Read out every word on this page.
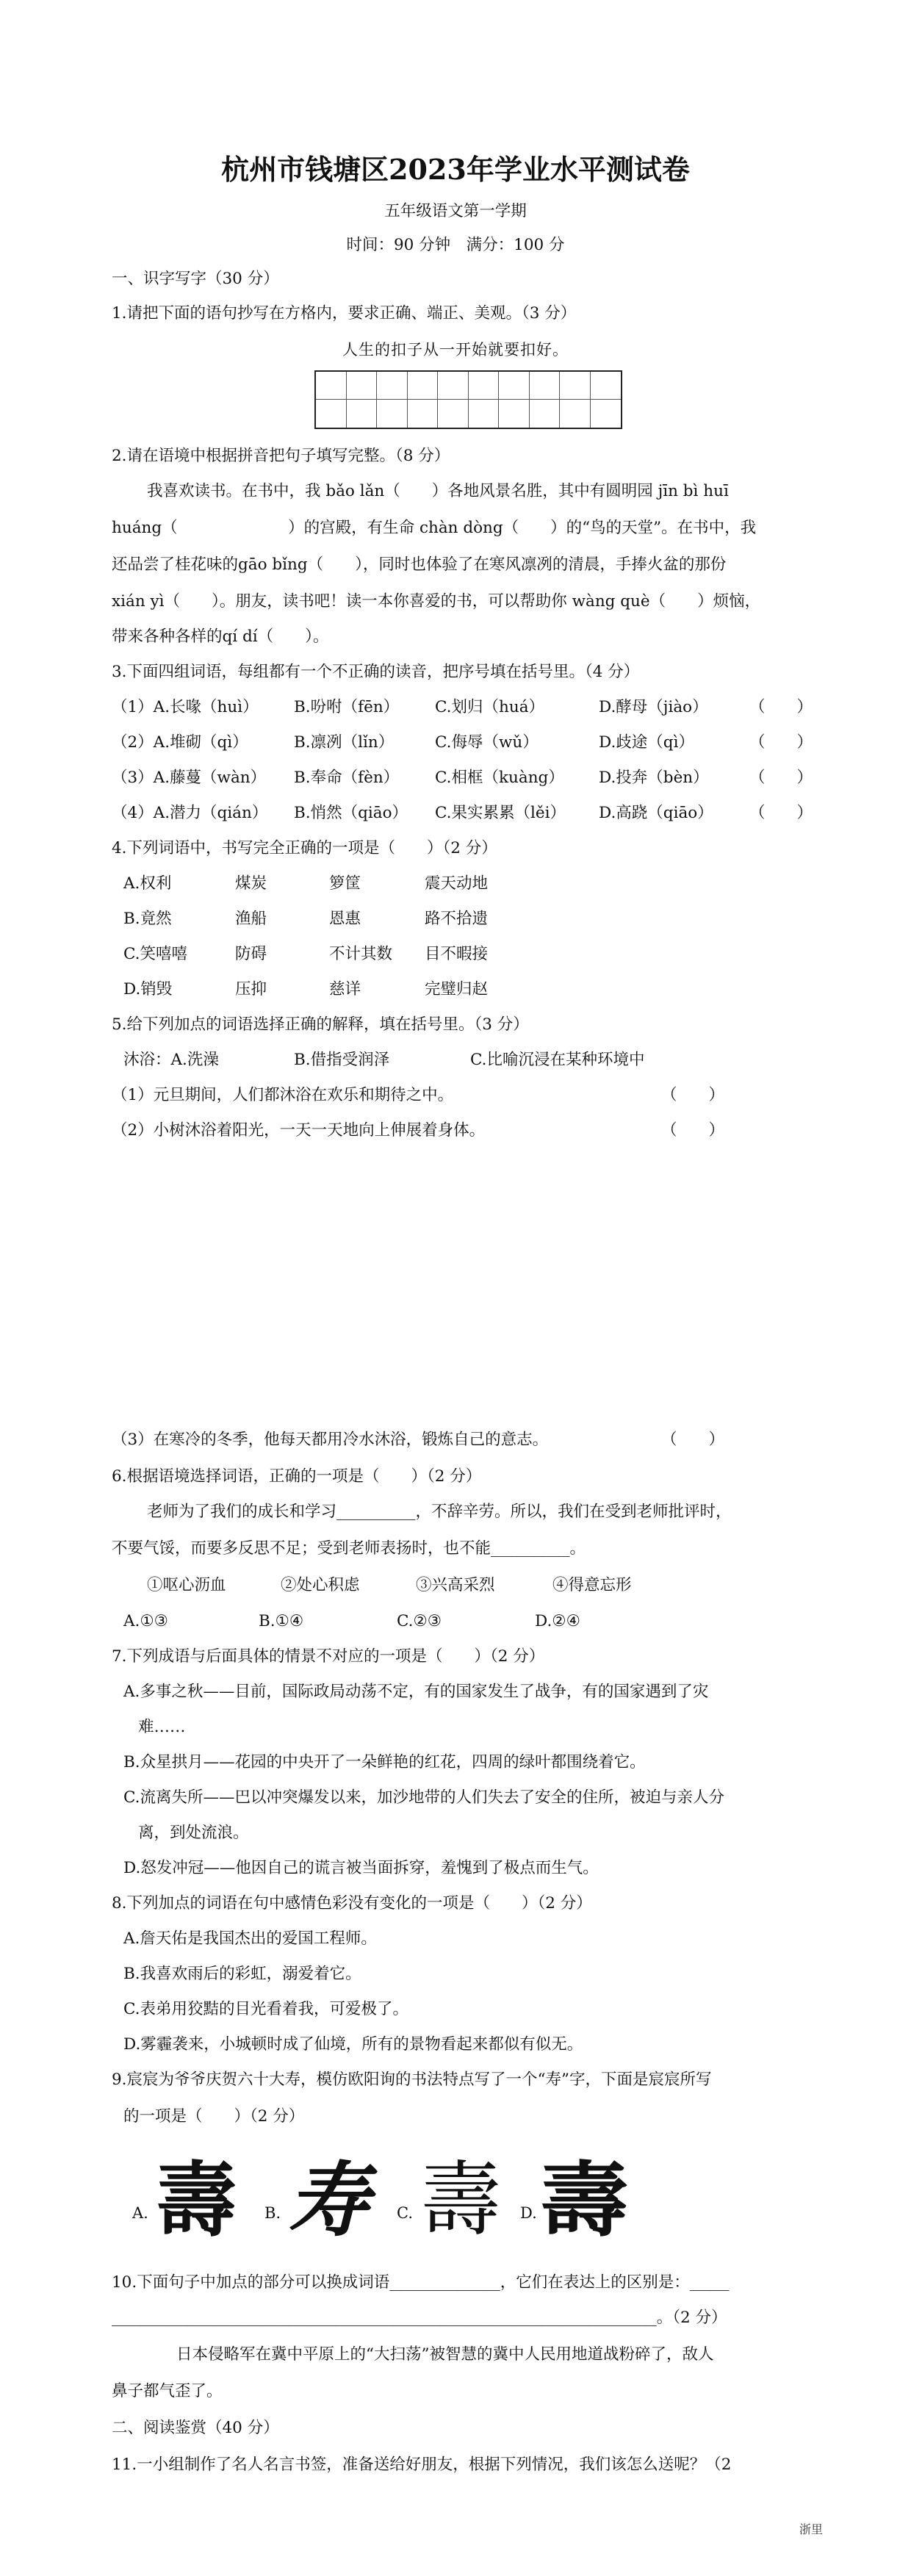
杭州市钱塘区2023年学业水平测试卷
五年级语文第一学期
时间：90 分钟　满分：100 分
一、识字写字（30 分）
1.请把下面的语句抄写在方格内，要求正确、端正、美观。（3 分）
人生的扣子从一开始就要扣好。
2.请在语境中根据拼音把句子填写完整。（8 分）
我喜欢读书。在书中，我 bǎo lǎn（　　）各地风景名胜，其中有圆明园 jīn bì huī
huáng（　　　　　　　）的宫殿，有生命 chàn dòng（　　）的“鸟的天堂”。在书中，我
还品尝了桂花味的gāo bǐng（　　），同时也体验了在寒风凛冽的清晨，手捧火盆的那份
xián yì（　　）。朋友，读书吧！读一本你喜爱的书，可以帮助你 wàng què（　　）烦恼，
带来各种各样的qí dí（　　）。
3.下面四组词语，每组都有一个不正确的读音，把序号填在括号里。（4 分）
（1）A.长喙（huì） B.吩咐（fēn） C.划归（huá）	D.酵母（jiào）	（　　）
（2）A.堆砌（qì）	B.凛冽（lǐn）	C.侮辱（wǔ）	D.歧途（qì）	（　　）
（3）A.藤蔓（wàn） B.奉命（fèn） C.相框（kuàng） D.投奔（bèn）	（　　）
（4）A.潜力（qián） B.悄然（qiāo） C.果实累累（lěi） D.高跷（qiāo） （　　）
4.下列词语中，书写完全正确的一项是（　　）（2 分）
A.权利	煤炭	箩筐	震天动地
B.竟然	渔船	恩惠	路不拾遗
C.笑嘻嘻	防碍	不计其数 目不暇接
D.销毁	压抑	慈详	完璧归赵
5.给下列加点的词语选择正确的解释，填在括号里。（3 分）
沐浴：A.洗澡	B.借指受润泽	C.比喻沉浸在某种环境中
（1）元旦期间，人们都沐浴在欢乐和期待之中。	（　　）
（2）小树沐浴着阳光，一天一天地向上伸展着身体。	（　　）
（3）在寒冷的冬季，他每天都用冷水沐浴，锻炼自己的意志。	（　　）
6.根据语境选择词语，正确的一项是（　　）（2 分）
老师为了我们的成长和学习__________，不辞辛劳。所以，我们在受到老师批评时，
不要气馁，而要多反思不足；受到老师表扬时，也不能__________。
①呕心沥血	②处心积虑	③兴高采烈	④得意忘形
A.①③	B.①④	C.②③	D.②④
7.下列成语与后面具体的情景不对应的一项是（　　）（2 分）
A.多事之秋——目前，国际政局动荡不定，有的国家发生了战争，有的国家遇到了灾
难……
B.众星拱月——花园的中央开了一朵鲜艳的红花，四周的绿叶都围绕着它。
C.流离失所——巴以冲突爆发以来，加沙地带的人们失去了安全的住所，被迫与亲人分
离，到处流浪。
D.怒发冲冠——他因自己的谎言被当面拆穿，羞愧到了极点而生气。
8.下列加点的词语在句中感情色彩没有变化的一项是（　　）（2 分）
A.詹天佑是我国杰出的爱国工程师。
B.我喜欢雨后的彩虹，溺爱着它。
C.表弟用狡黠的目光看着我，可爱极了。
D.雾霾袭来，小城顿时成了仙境，所有的景物看起来都似有似无。
9.宸宸为爷爷庆贺六十大寿，模仿欧阳询的书法特点写了一个“寿”字，下面是宸宸所写
的一项是（　　）（2 分）
A. 壽 B. 寿 C. 壽 D. 壽
10.下面句子中加点的部分可以换成词语______________，它们在表达上的区别是：_____
_____________________________________________________________________。（2 分）
日本侵略军在冀中平原上的“大扫荡”被智慧的冀中人民用地道战粉碎了，敌人
鼻子都气歪了。
二、阅读鉴赏（40 分）
11.一小组制作了名人名言书签，准备送给好朋友，根据下列情况，我们该怎么送呢？（2
浙里
